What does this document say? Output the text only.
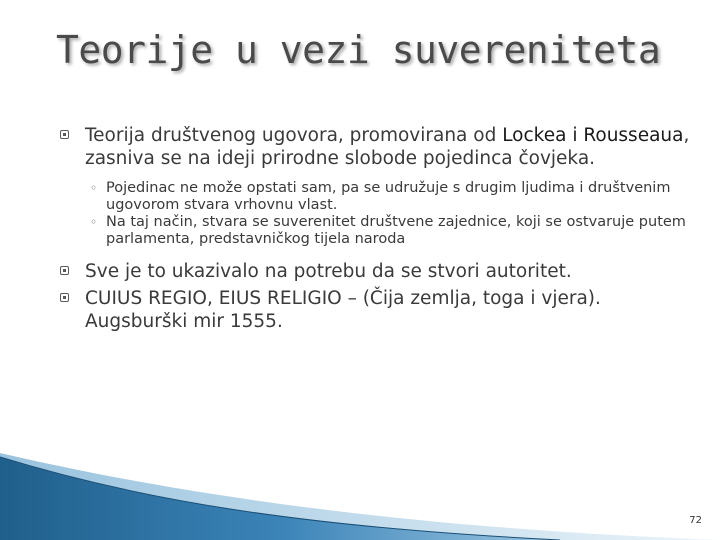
Teorije u vezi suvereniteta
Teorija društvenog ugovora, promovirana od Lockea i Rousseaua, zasniva se na ideji prirodne slobode pojedinca čovjeka.
◦ Pojedinac ne može opstati sam, pa se udružuje s drugim ljudima i društvenim ugovorom stvara vrhovnu vlast.
◦ Na taj način, stvara se suverenitet društvene zajednice, koji se ostvaruje putem parlamenta, predstavničkog tijela naroda
Sve je to ukazivalo na potrebu da se stvori autoritet.
CUIUS REGIO, EIUS RELIGIO – (Čija zemlja, toga i vjera). Augsburški mir 1555.
72
